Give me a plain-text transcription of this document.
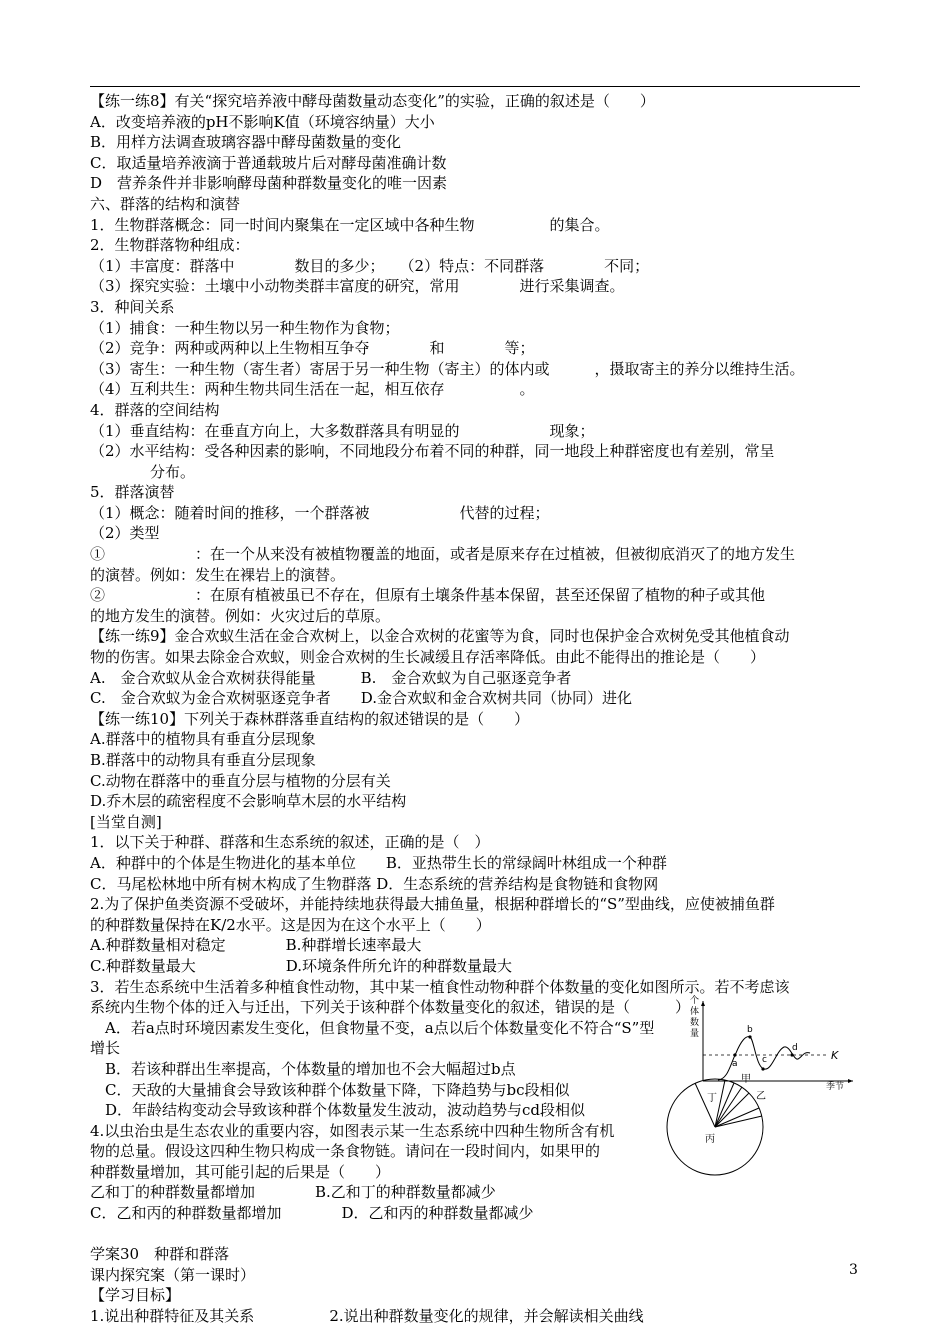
【练一练8】有关“探究培养液中酵母菌数量动态变化”的实验，正确的叙述是（　　）
A．改变培养液的pH不影响K值（环境容纳量）大小
B．用样方法调查玻璃容器中酵母菌数量的变化
C．取适量培养液滴于普通载玻片后对酵母菌准确计数
D　营养条件并非影响酵母菌种群数量变化的唯一因素
六、群落的结构和演替
1．生物群落概念：同一时间内聚集在一定区域中各种生物　　　　　的集合。
2．生物群落物种组成：
（1）丰富度：群落中　　　　数目的多少；　　（2）特点：不同群落　　　　不同；
（3）探究实验：土壤中小动物类群丰富度的研究，常用　　　　进行采集调查。
3．种间关系
（1）捕食：一种生物以另一种生物作为食物；
（2）竞争：两种或两种以上生物相互争夺　　　　和　　　　等；
（3）寄生：一种生物（寄生者）寄居于另一种生物（寄主）的体内或　　　，摄取寄主的养分以维持生活。
（4）互利共生：两种生物共同生活在一起，相互依存　　　　　。
4．群落的空间结构
（1）垂直结构：在垂直方向上，大多数群落具有明显的　　　　　　现象；
（2）水平结构：受各种因素的影响，不同地段分布着不同的种群，同一地段上种群密度也有差别，常呈
　　　　分布。
5．群落演替
（1）概念：随着时间的推移，一个群落被　　　　　　代替的过程；
（2）类型
①　　　　　　：在一个从来没有被植物覆盖的地面，或者是原来存在过植被，但被彻底消灭了的地方发生
的演替。例如：发生在裸岩上的演替。
②　　　　　　：在原有植被虽已不存在，但原有土壤条件基本保留，甚至还保留了植物的种子或其他
的地方发生的演替。例如：火灾过后的草原。
【练一练9】金合欢蚁生活在金合欢树上，以金合欢树的花蜜等为食，同时也保护金合欢树免受其他植食动
物的伤害。如果去除金合欢蚁，则金合欢树的生长减缓且存活率降低。由此不能得出的推论是（　　）
A.　金合欢蚁从金合欢树获得能量　　　B.　金合欢蚁为自己驱逐竞争者
C.　金合欢蚁为金合欢树驱逐竞争者　　D.金合欢蚁和金合欢树共同（协同）进化
【练一练10】下列关于森林群落垂直结构的叙述错误的是（　　）
A.群落中的植物具有垂直分层现象
B.群落中的动物具有垂直分层现象
C.动物在群落中的垂直分层与植物的分层有关
D.乔木层的疏密程度不会影响草木层的水平结构
[当堂自测]
1．以下关于种群、群落和生态系统的叙述，正确的是（　）
A．种群中的个体是生物进化的基本单位　　B．亚热带生长的常绿阔叶林组成一个种群
C．马尾松林地中所有树木构成了生物群落 D．生态系统的营养结构是食物链和食物网
2.为了保护鱼类资源不受破坏，并能持续地获得最大捕鱼量，根据种群增长的“S”型曲线，应使被捕鱼群
的种群数量保持在K/2水平。这是因为在这个水平上（　　）
A.种群数量相对稳定　　　　B.种群增长速率最大
C.种群数量最大　　　　　　D.环境条件所允许的种群数量最大
3．若生态系统中生活着多种植食性动物，其中某一植食性动物种群个体数量的变化如图所示。若不考虑该
系统内生物个体的迁入与迁出，下列关于该种群个体数量变化的叙述，错误的是（　　　）
　A．若a点时环境因素发生变化，但食物量不变，a点以后个体数量变化不符合“S”型
增长
　B．若该种群出生率提高，个体数量的增加也不会大幅超过b点
　C．天敌的大量捕食会导致该种群个体数量下降，下降趋势与bc段相似
　D．年龄结构变动会导致该种群个体数量发生波动，波动趋势与cd段相似
4.以虫治虫是生态农业的重要内容，如图表示某一生态系统中四种生物所含有机
物的总量。假设这四种生物只构成一条食物链。请问在一段时间内，如果甲的
种群数量增加，其可能引起的后果是（　　）
乙和丁的种群数量都增加　　　　B.乙和丁的种群数量都减少
C．乙和丙的种群数量都增加　　　　D．乙和丙的种群数量都减少
学案30　种群和群落
课内探究案（第一课时）
【学习目标】
1.说出种群特征及其关系　　　　　2.说出种群数量变化的规律，并会解读相关曲线
个
体
数
量
a
b
c
d
K
季节
甲
乙
丙
丁
3
